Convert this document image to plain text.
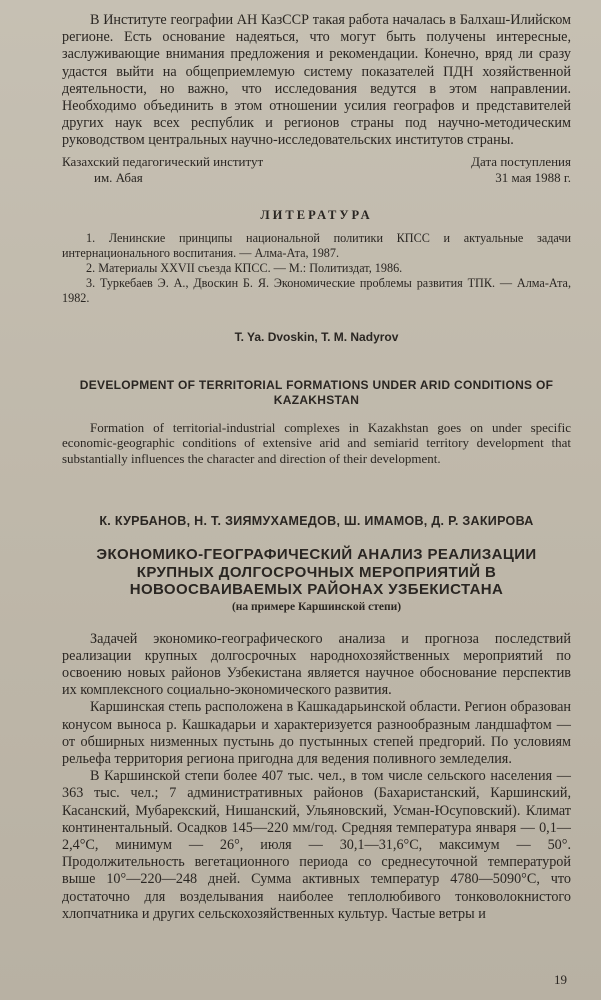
В Институте географии АН КазССР такая работа началась в Балхаш-Илийском регионе. Есть основание надеяться, что могут быть получены интересные, заслуживающие внимания предложения и рекомендации. Конечно, вряд ли сразу удастся выйти на общеприемлемую систему показателей ПДН хозяйственной деятельности, но важно, что исследования ведутся в этом направлении. Необходимо объединить в этом отношении усилия географов и представителей других наук всех республик и регионов страны под научно-методическим руководством центральных научно-исследовательских институтов страны.

Казахский педагогический институт
им. Абая
Дата поступления
31 мая 1988 г.
ЛИТЕРАТУРА
1. Ленинские принципы национальной политики КПСС и актуальные задачи интернационального воспитания. — Алма-Ата, 1987.
2. Материалы XXVII съезда КПСС. — М.: Политиздат, 1986.
3. Туркебаев Э. А., Двоскин Б. Я. Экономические проблемы развития ТПК. — Алма-Ата, 1982.
T. Ya. Dvoskin, T. M. Nadyrov
DEVELOPMENT OF TERRITORIAL FORMATIONS UNDER ARID CONDITIONS OF KAZAKHSTAN

Formation of territorial-industrial complexes in Kazakhstan goes on under specific economic-geographic conditions of extensive arid and semiarid territory development that substantially influences the character and direction of their development.

К. КУРБАНОВ, Н. Т. ЗИЯМУХАМЕДОВ, Ш. ИМАМОВ, Д. Р. ЗАКИРОВА
ЭКОНОМИКО-ГЕОГРАФИЧЕСКИЙ АНАЛИЗ РЕАЛИЗАЦИИ КРУПНЫХ ДОЛГОСРОЧНЫХ МЕРОПРИЯТИЙ В НОВООСВАИВАЕМЫХ РАЙОНАХ УЗБЕКИСТАНА
(на примере Каршинской степи)

Задачей экономико-географического анализа и прогноза последствий реализации крупных долгосрочных народнохозяйственных мероприятий по освоению новых районов Узбекистана является научное обоснование перспектив их комплексного социально-экономического развития.

Каршинская степь расположена в Кашкадарьинской области. Регион образован конусом выноса р. Кашкадарьи и характеризуется разнообразным ландшафтом — от обширных низменных пустынь до пустынных степей предгорий. По условиям рельефа территория региона пригодна для ведения поливного земледелия.

В Каршинской степи более 407 тыс. чел., в том числе сельского населения — 363 тыс. чел.; 7 административных районов (Бахаристанский, Каршинский, Касанский, Мубарекский, Нишанский, Ульяновский, Усман-Юсуповский). Климат континентальный. Осадков 145—220 мм/год. Средняя температура января — 0,1—2,4°С, минимум — 26°, июля — 30,1—31,6°С, максимум — 50°. Продолжительность вегетационного периода со среднесуточной температурой выше 10°—220—248 дней. Сумма активных температур 4780—5090°С, что достаточно для возделывания наиболее теплолюбивого тонковолокнистого хлопчатника и других сельскохозяйственных культур. Частые ветры и

19
